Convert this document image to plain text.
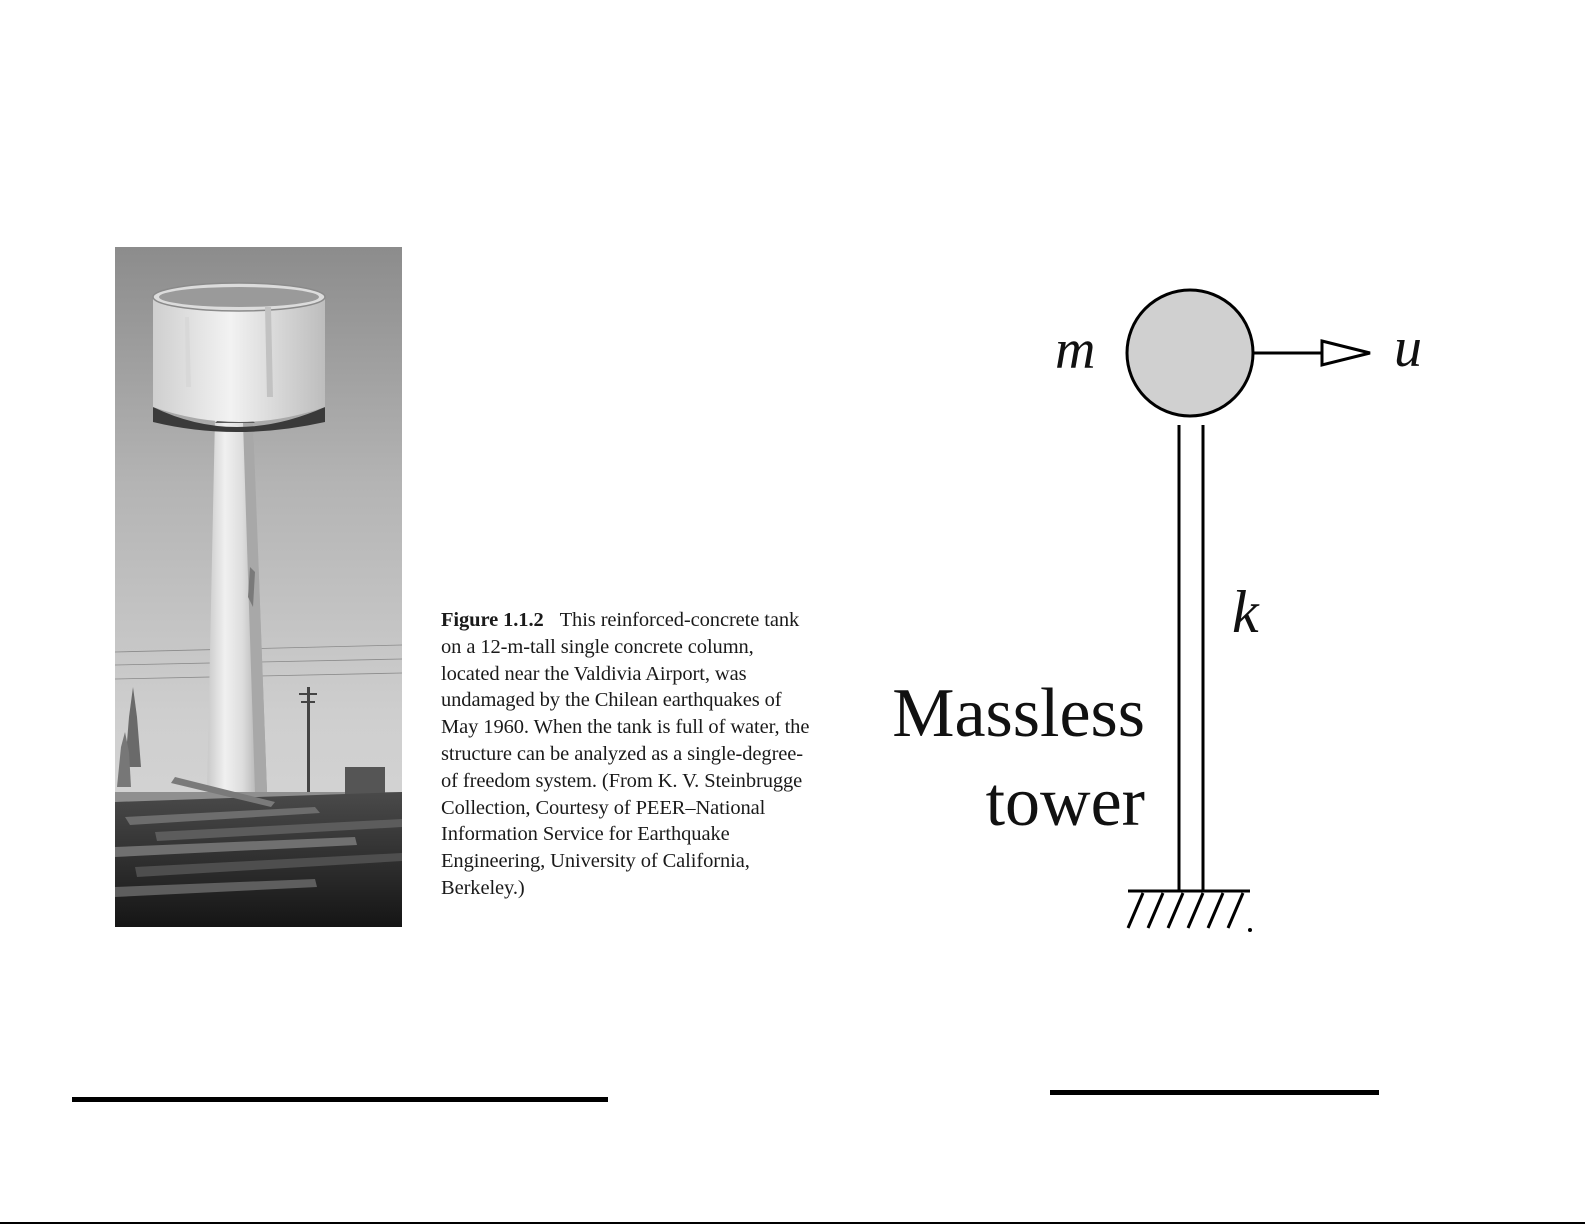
Figure 1.1.2 This reinforced-concrete tank on a 12-m-tall single concrete column, located near the Valdivia Airport, was undamaged by the Chilean earthquakes of May 1960. When the tank is full of water, the structure can be analyzed as a single-degree-of freedom system. (From K. V. Steinbrugge Collection, Courtesy of PEER–National Information Service for Earthquake Engineering, University of California, Berkeley.)
m	u
k
Massless
tower
